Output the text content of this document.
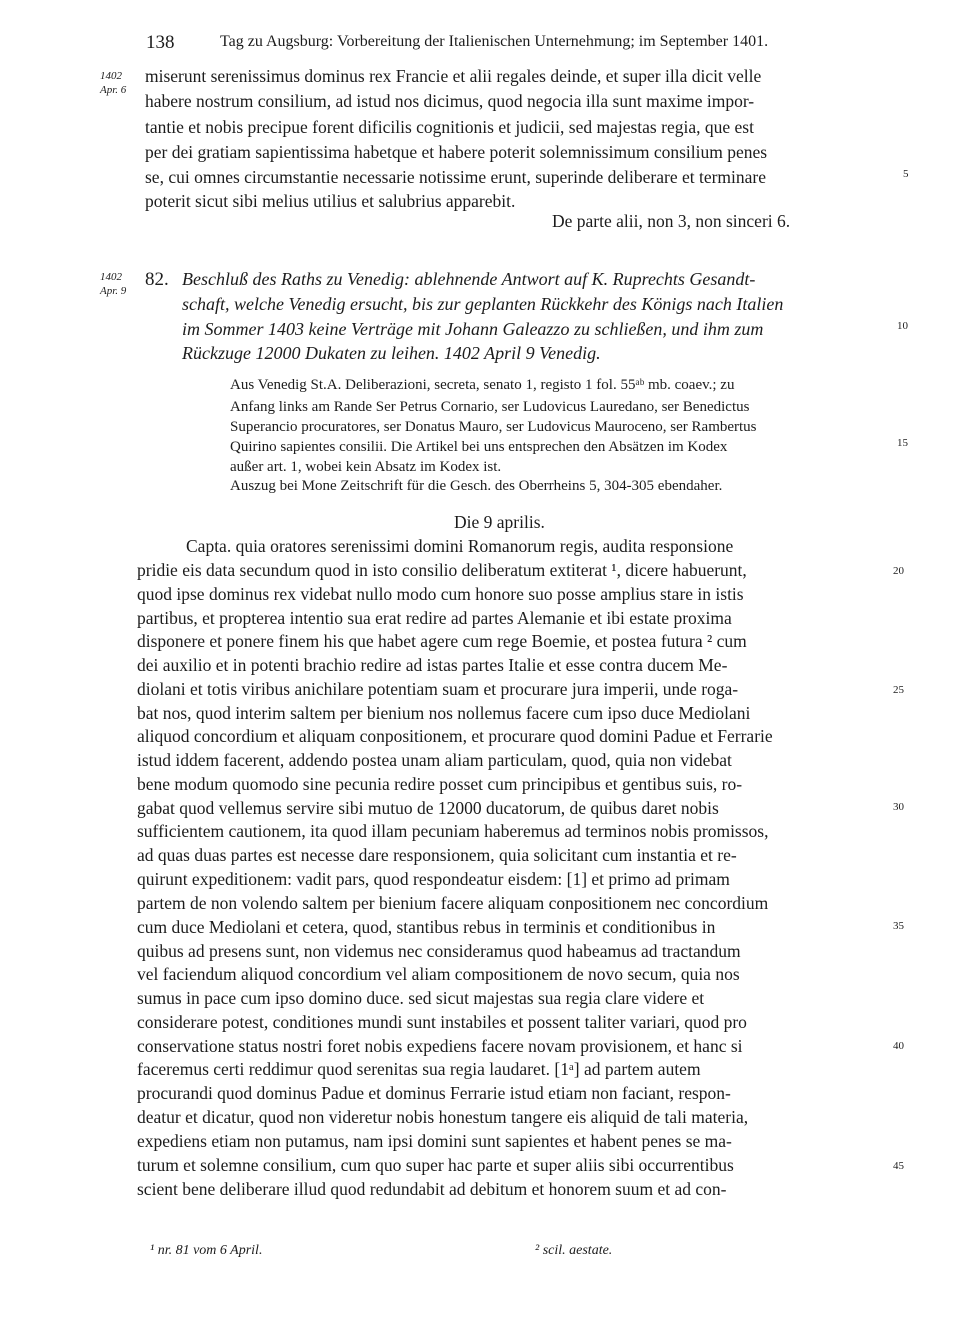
138	Tag zu Augsburg: Vorbereitung der Italienischen Unternehmung; im September 1401.
1402
Apr. 6
1402
Apr. 9
5
10
15
20
25
30
35
40
45
miserunt serenissimus dominus rex Francie et alii regales deinde, et super illa dicit velle
habere nostrum consilium, ad istud nos dicimus, quod negocia illa sunt maxime impor-
tantie et nobis precipue forent dificilis cognitionis et judicii, sed majestas regia, que est
per dei gratiam sapientissima habetque et habere poterit solemnissimum consilium penes
se, cui omnes circumstantie necessarie notissime erunt, superinde deliberare et terminare
poterit sicut sibi melius utilius et salubrius apparebit.
De parte alii, non 3, non sinceri 6.
82. Beschluß des Raths zu Venedig: ablehnende Antwort auf K. Ruprechts Gesandt-
schaft, welche Venedig ersucht, bis zur geplanten Rückkehr des Königs nach Italien
im Sommer 1403 keine Verträge mit Johann Galeazzo zu schließen, und ihm zum
Rückzuge 12000 Dukaten zu leihen. 1402 April 9 Venedig.
Aus Venedig St.A. Deliberazioni, secreta, senato 1, registo 1 fol. 55ᵃᵇ mb. coaev.; zu
Anfang links am Rande Ser Petrus Cornario, ser Ludovicus Lauredano, ser Benedictus
Superancio procuratores, ser Donatus Mauro, ser Ludovicus Mauroceno, ser Rambertus
Quirino sapientes consilii. Die Artikel bei uns entsprechen den Absätzen im Kodex
außer art. 1, wobei kein Absatz im Kodex ist.
Auszug bei Mone Zeitschrift für die Gesch. des Oberrheins 5, 304-305 ebendaher.
Die 9 aprilis.
Capta. quia oratores serenissimi domini Romanorum regis, audita responsione
pridie eis data secundum quod in isto consilio deliberatum extiterat ¹, dicere habuerunt,
quod ipse dominus rex videbat nullo modo cum honore suo posse amplius stare in istis
partibus, et propterea intentio sua erat redire ad partes Alemanie et ibi estate proxima
disponere et ponere finem his que habet agere cum rege Boemie, et postea futura ² cum
dei auxilio et in potenti brachio redire ad istas partes Italie et esse contra ducem Me-
diolani et totis viribus anichilare potentiam suam et procurare jura imperii, unde roga-
bat nos, quod interim saltem per bienium nos nollemus facere cum ipso duce Mediolani
aliquod concordium et aliquam conpositionem, et procurare quod domini Padue et Ferrarie
istud iddem facerent, addendo postea unam aliam particulam, quod, quia non videbat
bene modum quomodo sine pecunia redire posset cum principibus et gentibus suis, ro-
gabat quod vellemus servire sibi mutuo de 12000 ducatorum, de quibus daret nobis
sufficientem cautionem, ita quod illam pecuniam haberemus ad terminos nobis promissos,
ad quas duas partes est necesse dare responsionem, quia solicitant cum instantia et re-
quirunt expeditionem: vadit pars, quod respondeatur eisdem: [1] et primo ad primam
partem de non volendo saltem per bienium facere aliquam conpositionem nec concordium
cum duce Mediolani et cetera, quod, stantibus rebus in terminis et conditionibus in
quibus ad presens sunt, non videmus nec consideramus quod habeamus ad tractandum
vel faciendum aliquod concordium vel aliam compositionem de novo secum, quia nos
sumus in pace cum ipso domino duce. sed sicut majestas sua regia clare videre et
considerare potest, conditiones mundi sunt instabiles et possent taliter variari, quod pro
conservatione status nostri foret nobis expediens facere novam provisionem, et hanc si
faceremus certi reddimur quod serenitas sua regia laudaret. [1ᵃ] ad partem autem
procurandi quod dominus Padue et dominus Ferrarie istud etiam non faciant, respon-
deatur et dicatur, quod non videretur nobis honestum tangere eis aliquid de tali materia,
expediens etiam non putamus, nam ipsi domini sunt sapientes et habent penes se ma-
turum et solemne consilium, cum quo super hac parte et super aliis sibi occurrentibus
scient bene deliberare illud quod redundabit ad debitum et honorem suum et ad con-
¹ nr. 81 vom 6 April.	² scil. aestate.
